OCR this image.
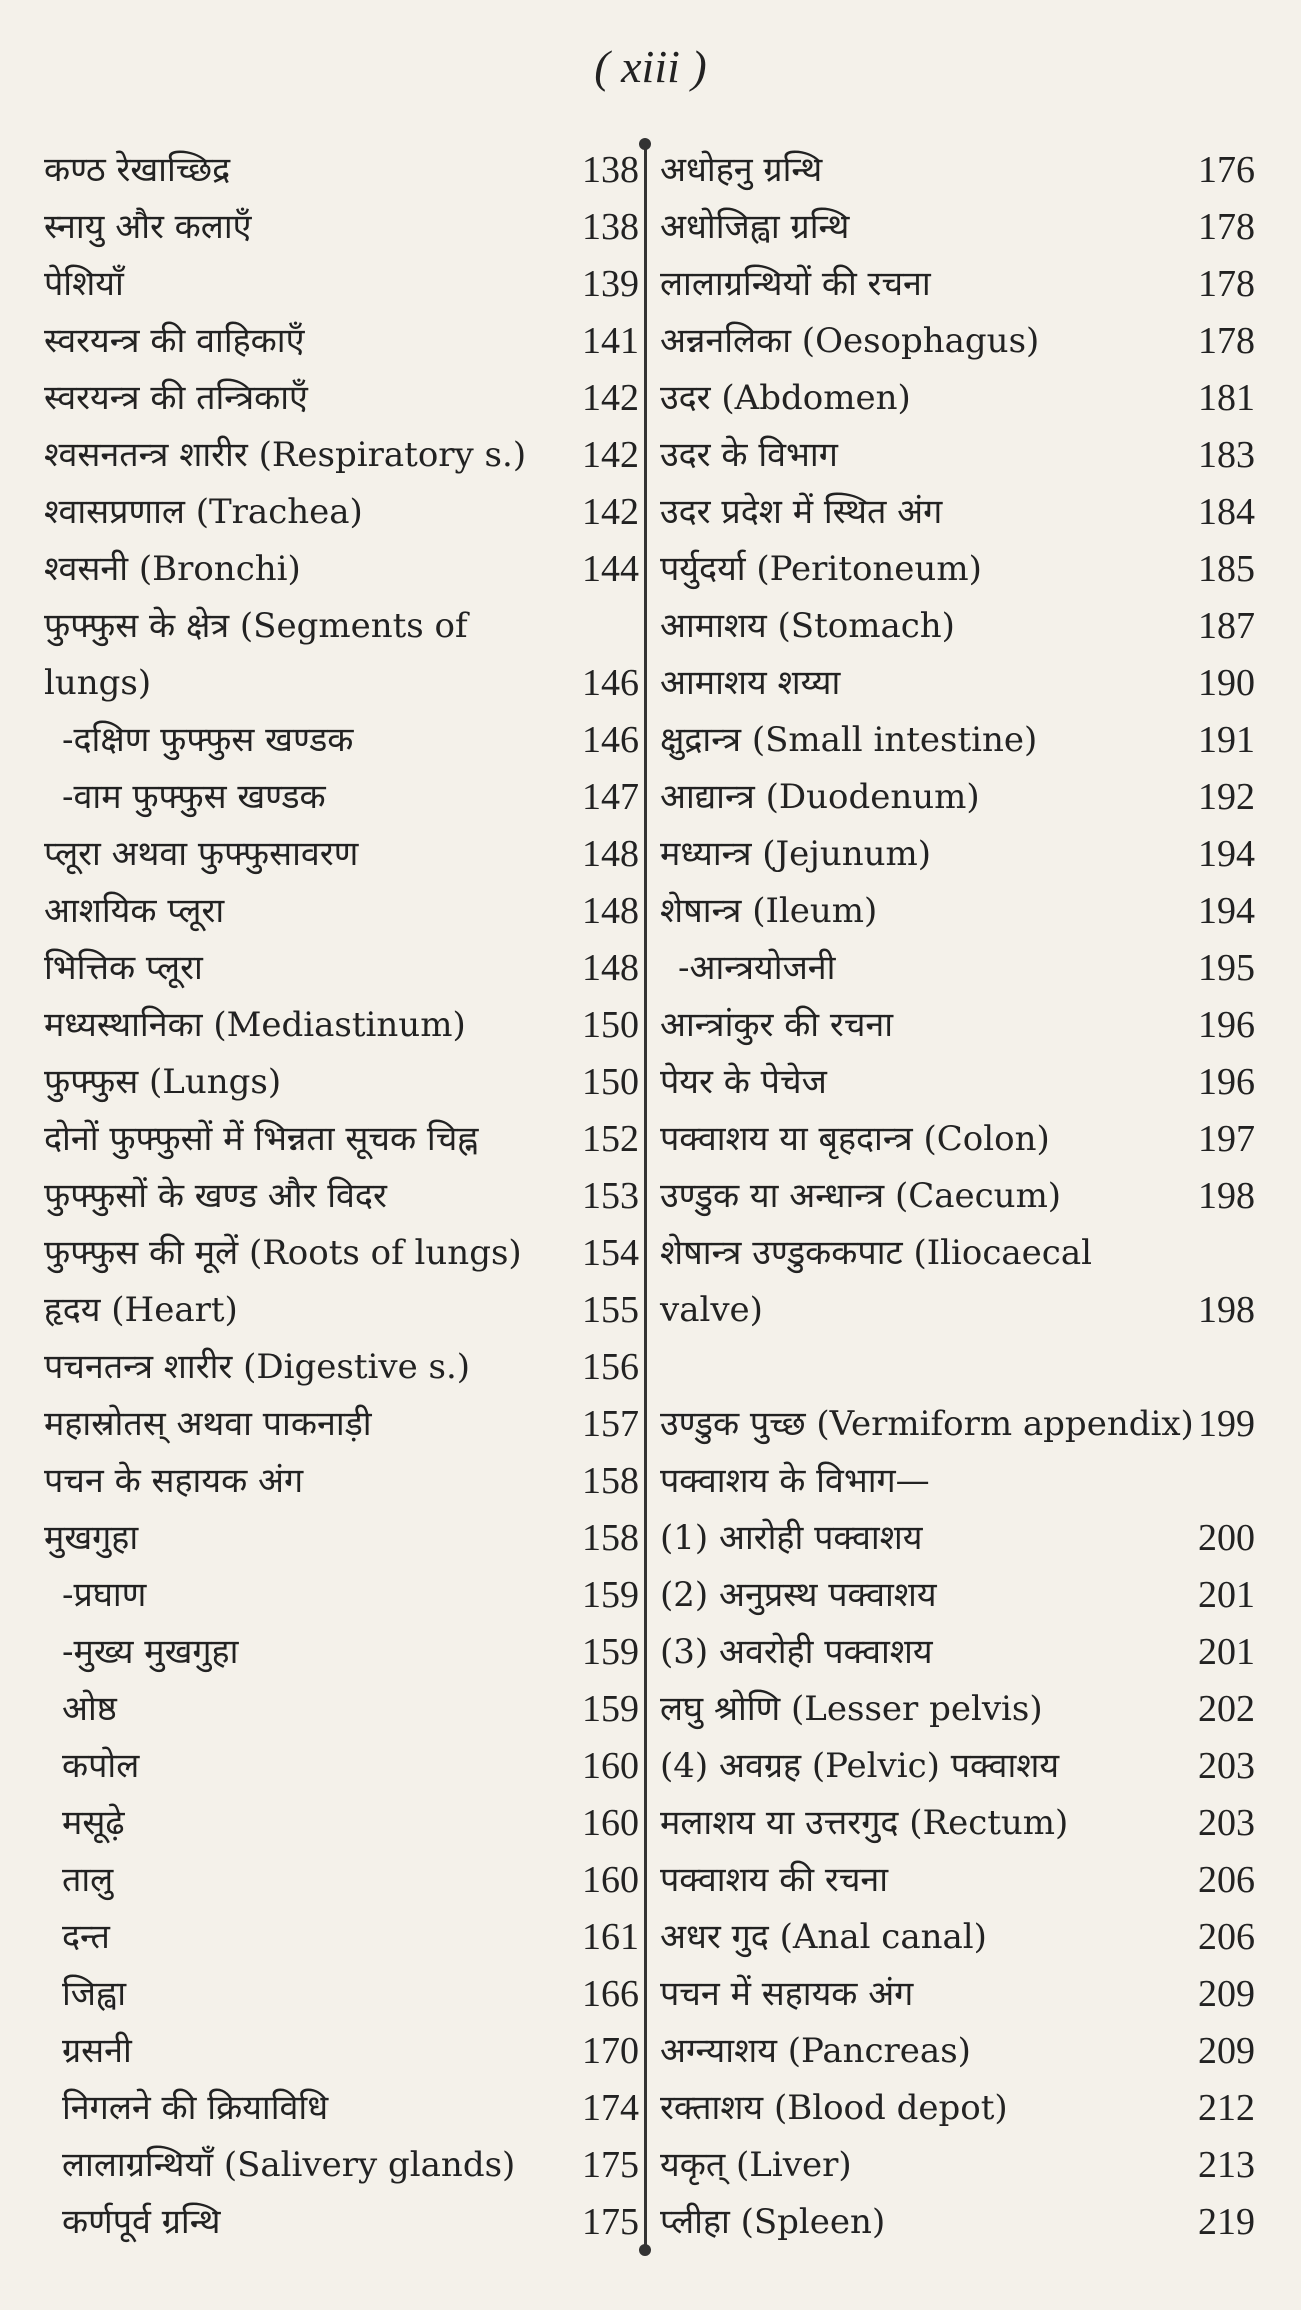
( xiii )
कण्ठ रेखाच्छिद्र	138
स्नायु और कलाएँ	138
पेशियाँ	139
स्वरयन्त्र की वाहिकाएँ	141
स्वरयन्त्र की तन्त्रिकाएँ	142
श्वसनतन्त्र शारीर (Respiratory s.) 142
श्वासप्रणाल (Trachea)	142
श्वसनी (Bronchi)	144
फुफ्फुस के क्षेत्र (Segments of lungs)	146
-दक्षिण फुफ्फुस खण्डक	146
-वाम फुफ्फुस खण्डक	147
प्लूरा अथवा फुफ्फुसावरण	148
आशयिक प्लूरा	148
भित्तिक प्लूरा	148
मध्यस्थानिका (Mediastinum)	150
फुफ्फुस (Lungs)	150
दोनों फुफ्फुसों में भिन्नता सूचक चिह्न	152
फुफ्फुसों के खण्ड और विदर	153
फुफ्फुस की मूलें (Roots of lungs) 154
हृदय (Heart)	155
पचनतन्त्र शारीर (Digestive s.)	156
महास्रोतस् अथवा पाकनाड़ी	157
पचन के सहायक अंग	158
मुखगुहा	158
-प्रघाण	159
-मुख्य मुखगुहा	159
ओष्ठ	159
कपोल	160
मसूढ़े	160
तालु	160
दन्त	161
जिह्वा	166
ग्रसनी	170
निगलने की क्रियाविधि	174
लालाग्रन्थियाँ (Salivery glands) 175
कर्णपूर्व ग्रन्थि	175
अधोहनु ग्रन्थि	176
अधोजिह्वा ग्रन्थि	178
लालाग्रन्थियों की रचना	178
अन्ननलिका (Oesophagus)	178
उदर (Abdomen)	181
उदर के विभाग	183
उदर प्रदेश में स्थित अंग	184
पर्युदर्या (Peritoneum)	185
आमाशय (Stomach)	187
आमाशय शय्या	190
क्षुद्रान्त्र (Small intestine)	191
आद्यान्त्र (Duodenum)	192
मध्यान्त्र (Jejunum)	194
शेषान्त्र (Ileum)	194
-आन्त्रयोजनी	195
आन्त्रांकुर की रचना	196
पेयर के पेचेज	196
पक्वाशय या बृहदान्त्र (Colon)	197
उण्डुक या अन्धान्त्र (Caecum)	198
शेषान्त्र उण्डुककपाट (Iliocaecal valve)	198
उण्डुक पुच्छ (Vermiform appendix) 199
पक्वाशय के विभाग—
(1) आरोही पक्वाशय	200
(2) अनुप्रस्थ पक्वाशय	201
(3) अवरोही पक्वाशय	201
लघु श्रोणि (Lesser pelvis)	202
(4) अवग्रह (Pelvic) पक्वाशय	203
मलाशय या उत्तरगुद (Rectum)	203
पक्वाशय की रचना	206
अधर गुद (Anal canal)	206
पचन में सहायक अंग	209
अग्न्याशय (Pancreas)	209
रक्ताशय (Blood depot)	212
यकृत् (Liver)	213
प्लीहा (Spleen)	219
